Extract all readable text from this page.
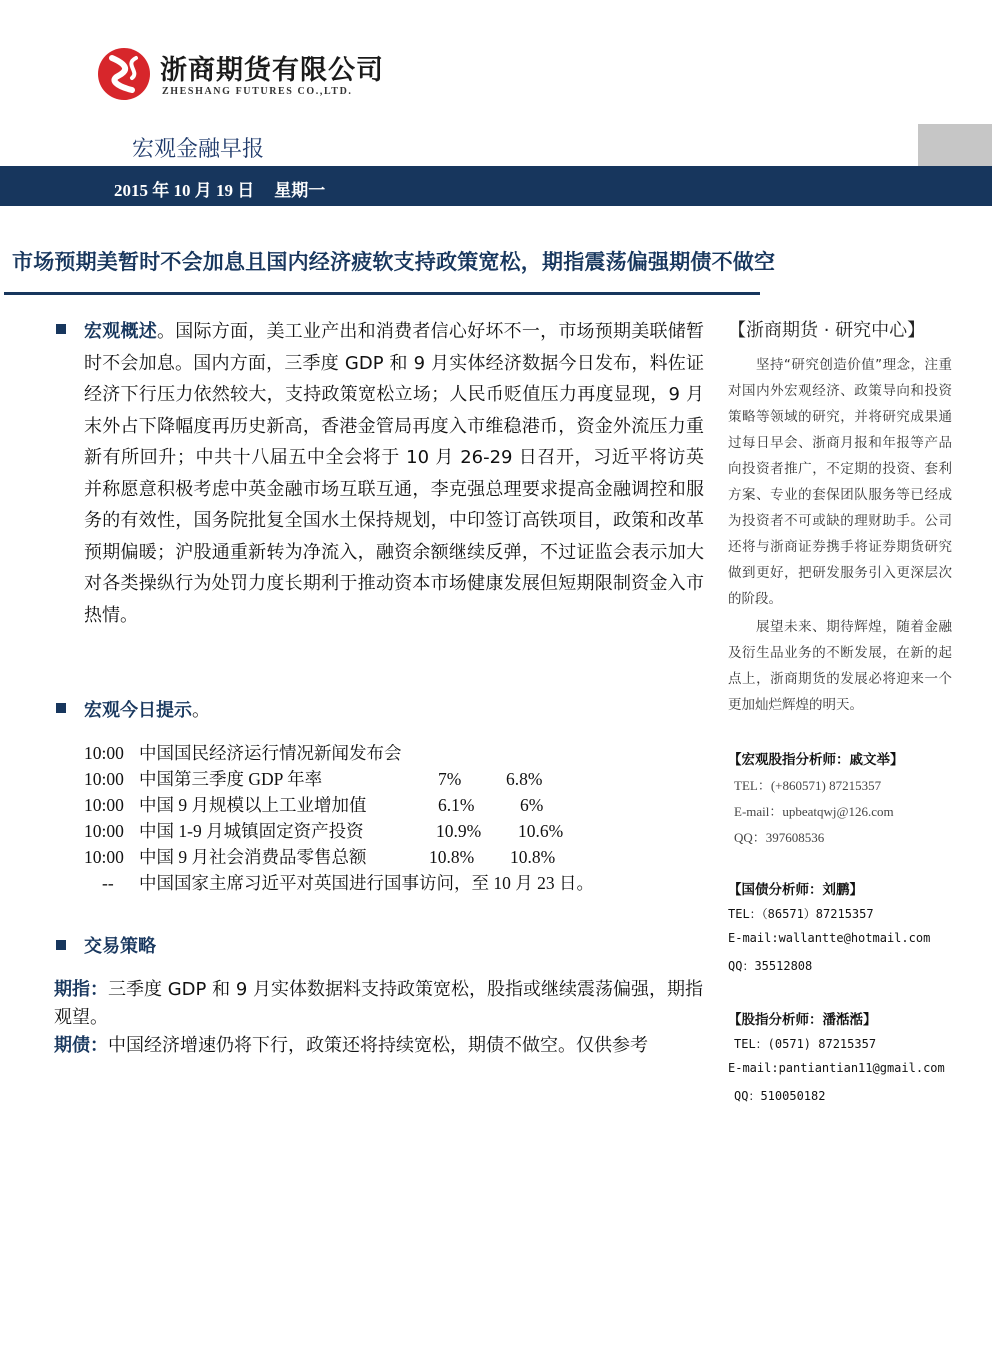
浙商期货有限公司
ZHESHANG FUTURES CO.,LTD.
宏观金融早报
2015 年 10 月 19 日 星期一
市场预期美暂时不会加息且国内经济疲软支持政策宽松，期指震荡偏强期债不做空
宏观概述。国际方面，美工业产出和消费者信心好坏不一，市场预期美联储暂时不会加息。国内方面，三季度 GDP 和 9 月实体经济数据今日发布，料佐证经济下行压力依然较大，支持政策宽松立场；人民币贬值压力再度显现，9 月末外占下降幅度再历史新高，香港金管局再度入市维稳港币，资金外流压力重新有所回升；中共十八届五中全会将于 10 月 26-29 日召开，习近平将访英并称愿意积极考虑中英金融市场互联互通，李克强总理要求提高金融调控和服务的有效性，国务院批复全国水土保持规划，中印签订高铁项目，政策和改革预期偏暖；沪股通重新转为净流入，融资余额继续反弹，不过证监会表示加大对各类操纵行为处罚力度长期利于推动资本市场健康发展但短期限制资金入市热情。
宏观今日提示。
10:00 中国国民经济运行情况新闻发布会
10:00 中国第三季度 GDP 年率	7%	6.8%
10:00 中国 9 月规模以上工业增加值	6.1%	6%
10:00 中国 1-9 月城镇固定资产投资	10.9% 10.6%
10:00 中国 9 月社会消费品零售总额	10.8% 10.8%
-- 中国国家主席习近平对英国进行国事访问，至 10 月 23 日。
交易策略

期指：三季度 GDP 和 9 月实体数据料支持政策宽松，股指或继续震荡偏强，期指观望。

期债：中国经济增速仍将下行，政策还将持续宽松，期债不做空。仅供参考

【浙商期货 · 研究中心】

坚持“研究创造价值”理念，注重对国内外宏观经济、政策导向和投资策略等领域的研究，并将研究成果通过每日早会、浙商月报和年报等产品向投资者推广，不定期的投资、套利方案、专业的套保团队服务等已经成为投资者不可或缺的理财助手。公司还将与浙商证券携手将证券期货研究做到更好，把研发服务引入更深层次的阶段。

展望未来、期待辉煌，随着金融及衍生品业务的不断发展，在新的起点上，浙商期货的发展必将迎来一个更加灿烂辉煌的明天。

【宏观股指分析师：戚文举】
TEL：(+860571) 87215357
E-mail：upbeatqwj@126.com
QQ：397608536
【国债分析师：刘鹏】
TEL：（86571）87215357
E-mail:wallantte@hotmail.com
QQ：35512808
【股指分析师：潘湉湉】
TEL：(0571) 87215357
E-mail:pantiantian11@gmail.com
QQ：510050182
